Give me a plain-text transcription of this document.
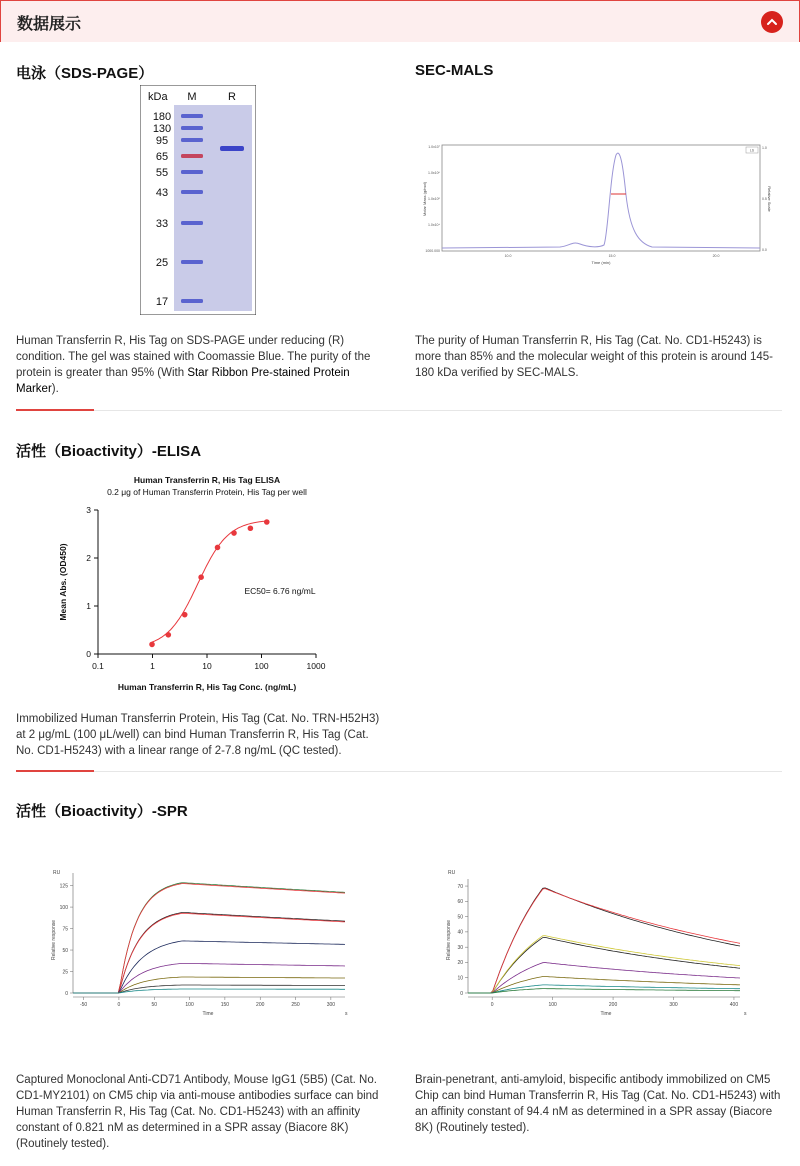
数据展示
电泳（SDS-PAGE）
kDa M	R
180
130
95
65
55
43
33
25
17
Human Transferrin R, His Tag on SDS-PAGE under reducing (R) condition. The gel was stained with Coomassie Blue. The purity of the protein is greater than 95% (With Star Ribbon Pre-stained Protein Marker).
SEC-MALS
Molar Mass (g/mol)	Relative Scale
Time (min)
1.0x10⁷
1.0x10⁶
1.0x10⁵
1.0x10⁴
1000.000
10.0	15.0	20.0
1.0
0.5
0.0
LS
The purity of Human Transferrin R, His Tag (Cat. No. CD1-H5243) is more than 85% and the molecular weight of this protein is around 145-180 kDa verified by SEC-MALS.
活性（Bioactivity）-ELISA
Human Transferrin R, His Tag ELISA
0.2 μg of Human Transferrin Protein, His Tag per well
Mean Abs. (OD450)
Human Transferrin R, His Tag Conc. (ng/mL)
EC50= 6.76 ng/mL
0
1
2
3
0.1	1	10	100	1000
Immobilized Human Transferrin Protein, His Tag (Cat. No. TRN-H52H3) at 2 μg/mL (100 μL/well) can bind Human Transferrin R, His Tag (Cat. No. CD1-H5243) with a linear range of 2-7.8 ng/mL (QC tested).
活性（Bioactivity）-SPR
RU
Relative response
Time	s
125
100
75
50
25
0
-50	0	50	100	150	200	250	300
RU
Relative response
Time	s
70
60
50
40
30
20
10
0
0	100	200	300	400
Captured Monoclonal Anti-CD71 Antibody, Mouse IgG1 (5B5) (Cat. No. CD1-MY2101) on CM5 chip via anti-mouse antibodies surface can bind Human Transferrin R, His Tag (Cat. No. CD1-H5243) with an affinity constant of 0.821 nM as determined in a SPR assay (Biacore 8K) (Routinely tested).
Brain-penetrant, anti-amyloid, bispecific antibody immobilized on CM5 Chip can bind Human Transferrin R, His Tag (Cat. No. CD1-H5243) with an affinity constant of 94.4 nM as determined in a SPR assay (Biacore 8K) (Routinely tested).
